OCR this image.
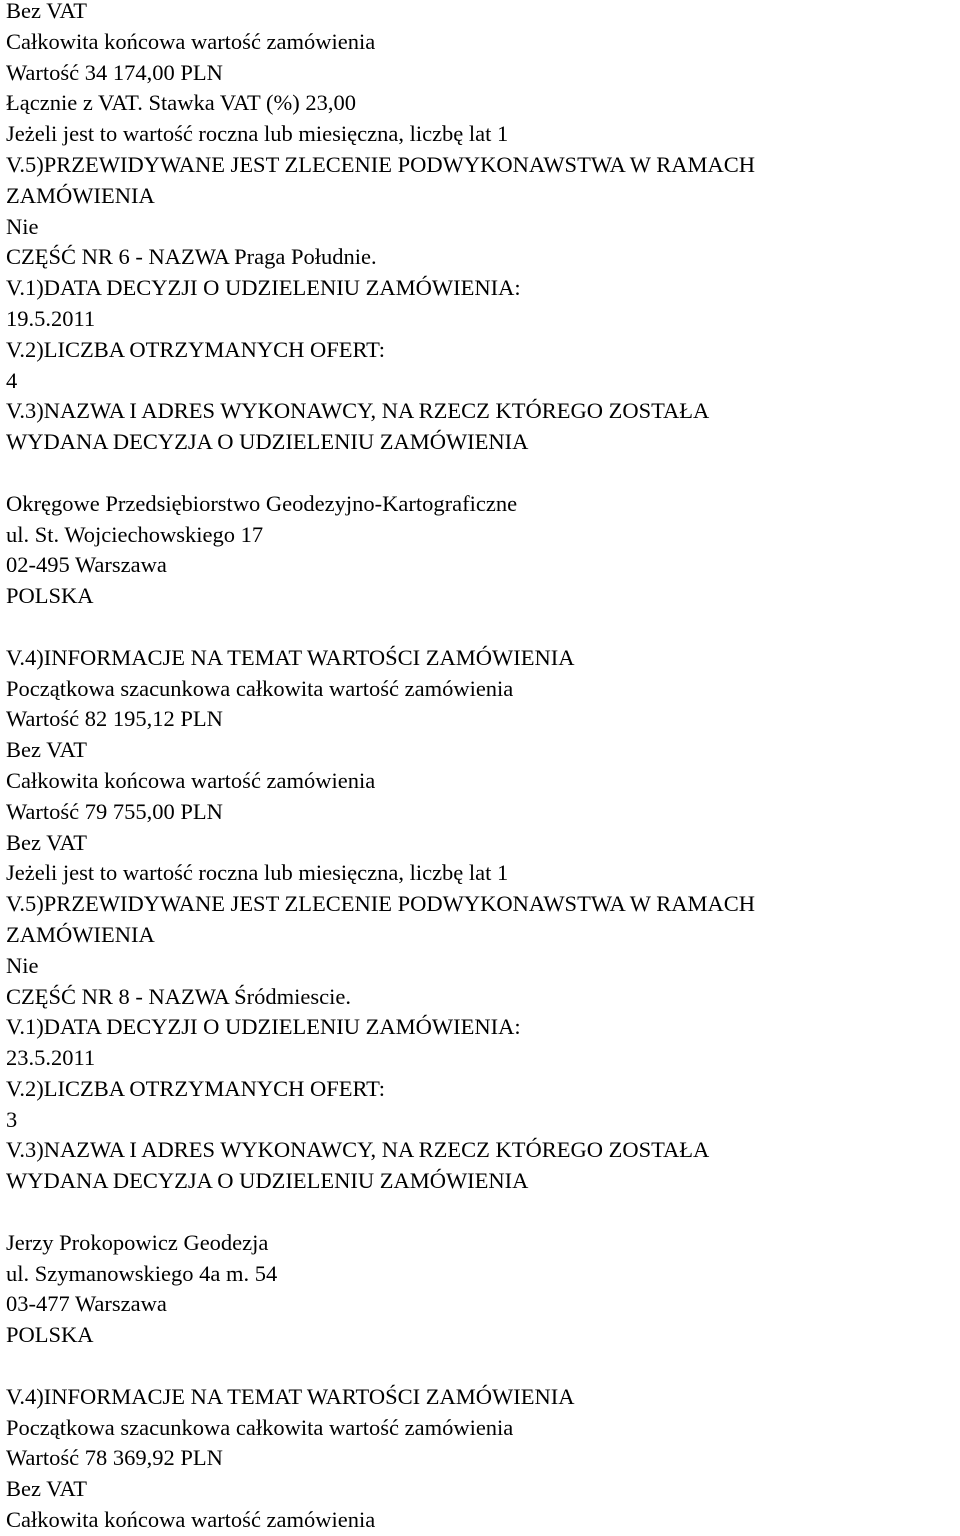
Bez VAT
Całkowita końcowa wartość zamówienia
Wartość 34 174,00 PLN
Łącznie z VAT. Stawka VAT (%) 23,00
Jeżeli jest to wartość roczna lub miesięczna, liczbę lat 1
V.5)PRZEWIDYWANE JEST ZLECENIE PODWYKONAWSTWA W RAMACH
ZAMÓWIENIA
Nie
CZĘŚĆ NR 6 - NAZWA Praga Południe.
V.1)DATA DECYZJI O UDZIELENIU ZAMÓWIENIA:
19.5.2011
V.2)LICZBA OTRZYMANYCH OFERT:
4
V.3)NAZWA I ADRES WYKONAWCY, NA RZECZ KTÓREGO ZOSTAŁA
WYDANA DECYZJA O UDZIELENIU ZAMÓWIENIA
Okręgowe Przedsiębiorstwo Geodezyjno-Kartograficzne
ul. St. Wojciechowskiego 17
02-495 Warszawa
POLSKA
V.4)INFORMACJE NA TEMAT WARTOŚCI ZAMÓWIENIA
Początkowa szacunkowa całkowita wartość zamówienia
Wartość 82 195,12 PLN
Bez VAT
Całkowita końcowa wartość zamówienia
Wartość 79 755,00 PLN
Bez VAT
Jeżeli jest to wartość roczna lub miesięczna, liczbę lat 1
V.5)PRZEWIDYWANE JEST ZLECENIE PODWYKONAWSTWA W RAMACH
ZAMÓWIENIA
Nie
CZĘŚĆ NR 8 - NAZWA Śródmiescie.
V.1)DATA DECYZJI O UDZIELENIU ZAMÓWIENIA:
23.5.2011
V.2)LICZBA OTRZYMANYCH OFERT:
3
V.3)NAZWA I ADRES WYKONAWCY, NA RZECZ KTÓREGO ZOSTAŁA
WYDANA DECYZJA O UDZIELENIU ZAMÓWIENIA
Jerzy Prokopowicz Geodezja
ul. Szymanowskiego 4a m. 54
03-477 Warszawa
POLSKA
V.4)INFORMACJE NA TEMAT WARTOŚCI ZAMÓWIENIA
Początkowa szacunkowa całkowita wartość zamówienia
Wartość 78 369,92 PLN
Bez VAT
Całkowita końcowa wartość zamówienia
